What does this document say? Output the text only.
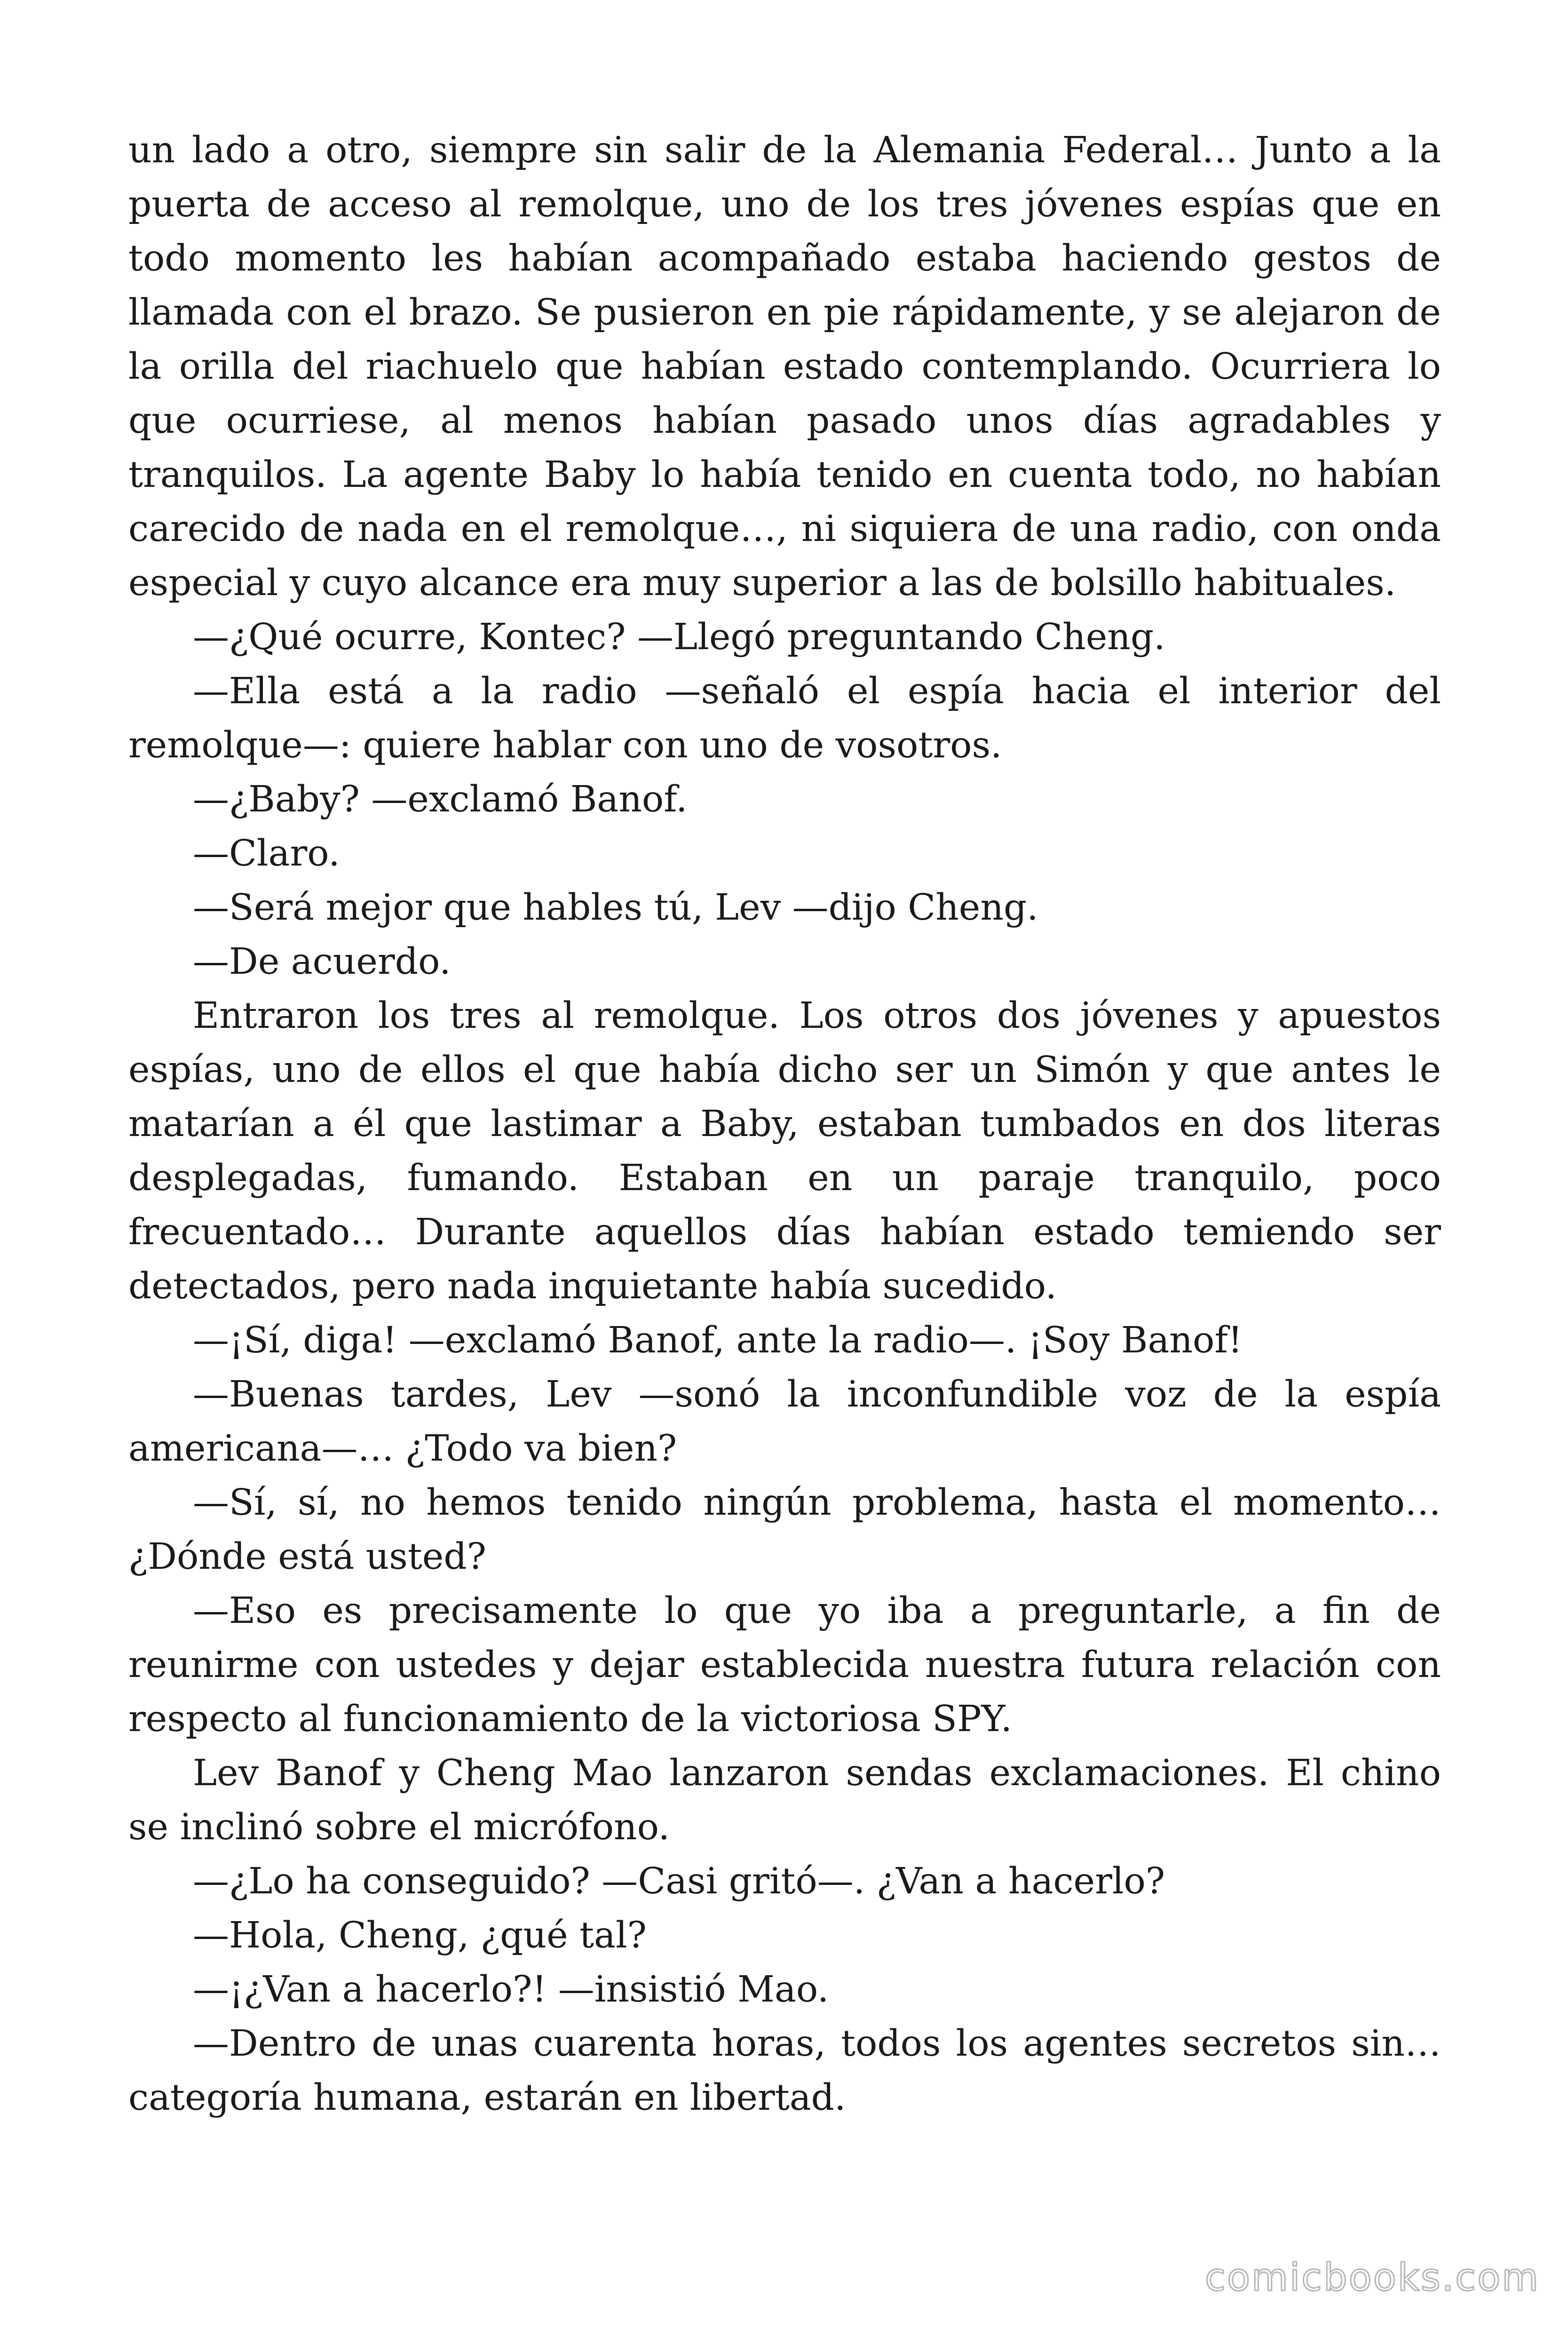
un lado a otro, siempre sin salir de la Alemania Federal… Junto a la puerta de acceso al remolque, uno de los tres jóvenes espías que en todo momento les habían acompañado estaba haciendo gestos de llamada con el brazo. Se pusieron en pie rápidamente, y se alejaron de la orilla del riachuelo que habían estado contemplando. Ocurriera lo que ocurriese, al menos habían pasado unos días agradables y tranquilos. La agente Baby lo había tenido en cuenta todo, no habían carecido de nada en el remolque…, ni siquiera de una radio, con onda especial y cuyo alcance era muy superior a las de bolsillo habituales.

—¿Qué ocurre, Kontec? —Llegó preguntando Cheng.

—Ella está a la radio —señaló el espía hacia el interior del remolque—: quiere hablar con uno de vosotros.

—¿Baby? —exclamó Banof.

—Claro.

—Será mejor que hables tú, Lev —dijo Cheng.

—De acuerdo.

Entraron los tres al remolque. Los otros dos jóvenes y apuestos espías, uno de ellos el que había dicho ser un Simón y que antes le matarían a él que lastimar a Baby, estaban tumbados en dos literas desplegadas, fumando. Estaban en un paraje tranquilo, poco frecuentado… Durante aquellos días habían estado temiendo ser detectados, pero nada inquietante había sucedido.

—¡Sí, diga! —exclamó Banof, ante la radio—. ¡Soy Banof!

—Buenas tardes, Lev —sonó la inconfundible voz de la espía americana—… ¿Todo va bien?

—Sí, sí, no hemos tenido ningún problema, hasta el momento… ¿Dónde está usted?

—Eso es precisamente lo que yo iba a preguntarle, a fin de reunirme con ustedes y dejar establecida nuestra futura relación con respecto al funcionamiento de la victoriosa SPY.

Lev Banof y Cheng Mao lanzaron sendas exclamaciones. El chino se inclinó sobre el micrófono.

—¿Lo ha conseguido? —Casi gritó—. ¿Van a hacerlo?

—Hola, Cheng, ¿qué tal?

—¡¿Van a hacerlo?! —insistió Mao.

—Dentro de unas cuarenta horas, todos los agentes secretos sin… categoría humana, estarán en libertad.

comicbooks.com
